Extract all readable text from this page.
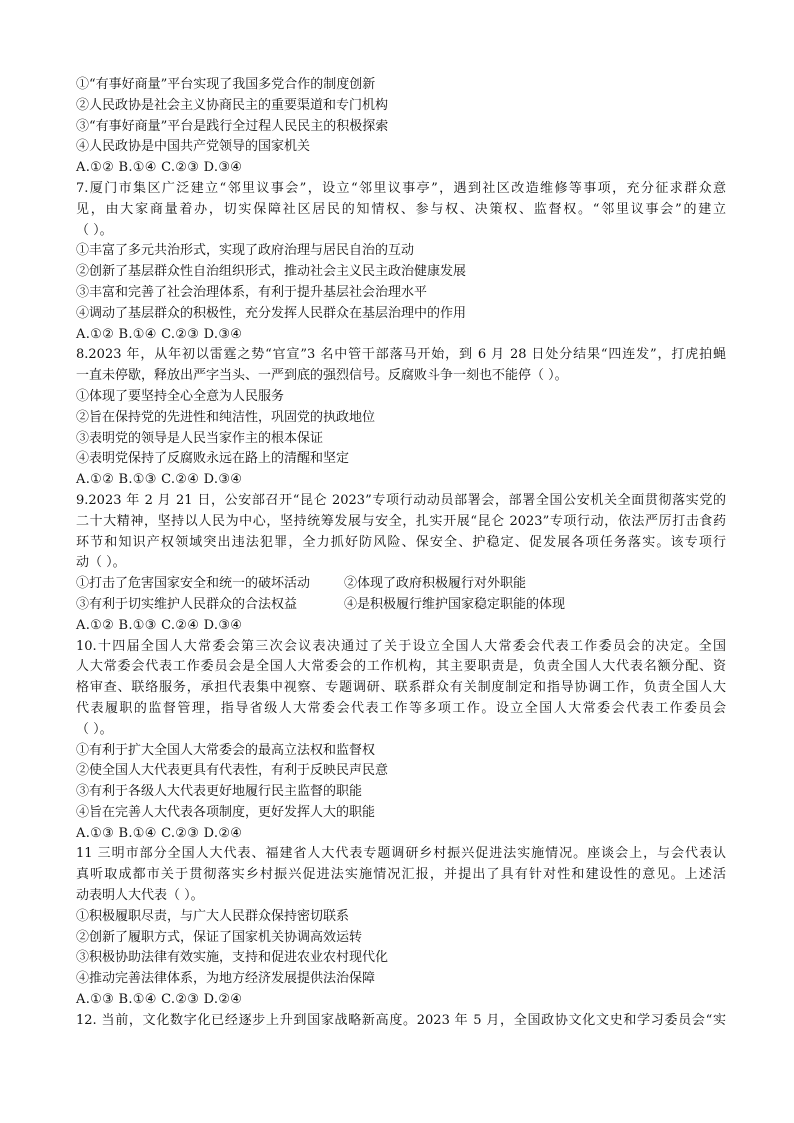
①“有事好商量”平台实现了我国多党合作的制度创新
②人民政协是社会主义协商民主的重要渠道和专门机构
③“有事好商量”平台是践行全过程人民民主的积极探索
④人民政协是中国共产党领导的国家机关
A.①② B.①④ C.②③ D.③④
7.厦门市集区广泛建立“邻里议事会”，设立“邻里议事亭”，遇到社区改造维修等事项，充分征求群众意
见，由大家商量着办，切实保障社区居民的知情权、参与权、决策权、监督权。“邻里议事会”的建立
（ ）。
①丰富了多元共治形式，实现了政府治理与居民自治的互动
②创新了基层群众性自治组织形式，推动社会主义民主政治健康发展
③丰富和完善了社会治理体系，有利于提升基层社会治理水平
④调动了基层群众的积极性，充分发挥人民群众在基层治理中的作用
A.①② B.①④ C.②③ D.③④
8.2023 年，从年初以雷霆之势“官宣”3 名中管干部落马开始，到 6 月 28 日处分结果“四连发”，打虎拍蝇
一直未停歇，释放出严字当头、一严到底的强烈信号。反腐败斗争一刻也不能停（ ）。
①体现了要坚持全心全意为人民服务
②旨在保持党的先进性和纯洁性，巩固党的执政地位
③表明党的领导是人民当家作主的根本保证
④表明党保持了反腐败永远在路上的清醒和坚定
A.①② B.①③ C.②④ D.③④
9.2023 年 2 月 21 日，公安部召开“昆仑 2023”专项行动动员部署会，部署全国公安机关全面贯彻落实党的
二十大精神，坚持以人民为中心，坚持统筹发展与安全，扎实开展“昆仑 2023”专项行动，依法严厉打击食药
环节和知识产权领域突出违法犯罪，全力抓好防风险、保安全、护稳定、促发展各项任务落实。该专项行
动（ ）。
①打击了危害国家安全和统一的破坏活动	②体现了政府积极履行对外职能
③有利于切实维护人民群众的合法权益	④是积极履行维护国家稳定职能的体现
A.①② B.①③ C.②④ D.③④
10.十四届全国人大常委会第三次会议表决通过了关于设立全国人大常委会代表工作委员会的决定。全国
人大常委会代表工作委员会是全国人大常委会的工作机构，其主要职责是，负责全国人大代表名额分配、资
格审查、联络服务，承担代表集中视察、专题调研、联系群众有关制度制定和指导协调工作，负责全国人大
代表履职的监督管理，指导省级人大常委会代表工作等多项工作。设立全国人大常委会代表工作委员会
（ ）。
①有利于扩大全国人大常委会的最高立法权和监督权
②使全国人大代表更具有代表性，有利于反映民声民意
③有利于各级人大代表更好地履行民主监督的职能
④旨在完善人大代表各项制度，更好发挥人大的职能
A.①③ B.①④ C.②③ D.②④
11 三明市部分全国人大代表、福建省人大代表专题调研乡村振兴促进法实施情况。座谈会上，与会代表认
真听取成都市关于贯彻落实乡村振兴促进法实施情况汇报，并提出了具有针对性和建设性的意见。上述活
动表明人大代表（ ）。
①积极履职尽责，与广大人民群众保持密切联系
②创新了履职方式，保证了国家机关协调高效运转
③积极协助法律有效实施，支持和促进农业农村现代化
④推动完善法律体系，为地方经济发展提供法治保障
A.①③ B.①④ C.②③ D.②④
12. 当前，文化数字化已经逐步上升到国家战略新高度。2023 年 5 月，全国政协文化文史和学习委员会“实
